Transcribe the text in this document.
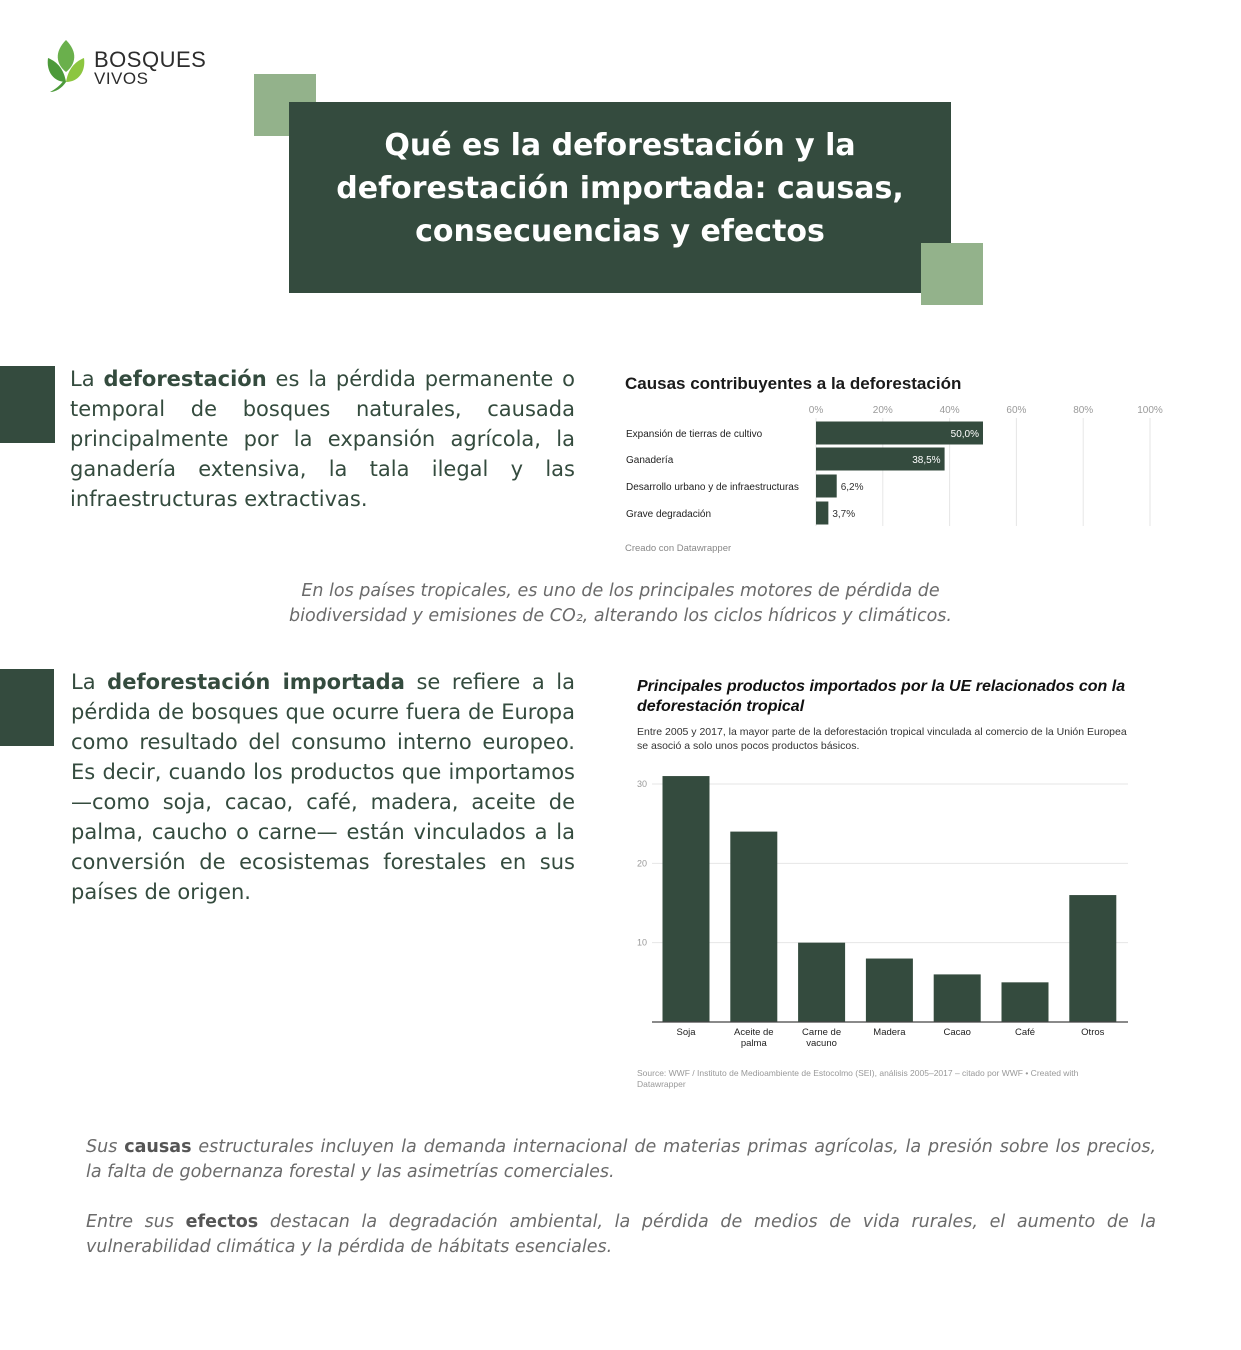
BOSQUES
VIVOS
Qué es la deforestación y la
deforestación importada: causas,
consecuencias y efectos
La deforestación es la pérdida permanente o temporal de bosques naturales, causada principalmente por la expansión agrícola, la ganadería extensiva, la tala ilegal y las infraestructuras extractivas.
Causas contribuyentes a la deforestación
0%	20%	40%	60%	80%	100%
Expansión de tierras de cultivo	50,0%
Ganadería	38,5%
Desarrollo urbano y de infraestructuras	6,2%
Grave degradación	3,7%
Creado con Datawrapper
En los países tropicales, es uno de los principales motores de pérdida de
biodiversidad y emisiones de CO₂, alterando los ciclos hídricos y climáticos.
La deforestación importada se refiere a la pérdida de bosques que ocurre fuera de Europa como resultado del consumo interno europeo. Es decir, cuando los productos que importamos —como soja, cacao, café, madera, aceite de palma, caucho o carne— están vinculados a la conversión de ecosistemas forestales en sus países de origen.
Principales productos importados por la UE relacionados con la deforestación tropical
Entre 2005 y 2017, la mayor parte de la deforestación tropical vinculada al comercio de la Unión Europea se asoció a solo unos pocos productos básicos.
10
20
30
Soja	Aceite de palma
Carne de vacuno
Madera	Cacao	Café	Otros
Source: WWF / Instituto de Medioambiente de Estocolmo (SEI), análisis 2005–2017 – citado por WWF • Created with Datawrapper
Sus causas estructurales incluyen la demanda internacional de materias primas agrícolas, la presión sobre los precios, la falta de gobernanza forestal y las asimetrías comerciales.
Entre sus efectos destacan la degradación ambiental, la pérdida de medios de vida rurales, el aumento de la vulnerabilidad climática y la pérdida de hábitats esenciales.
